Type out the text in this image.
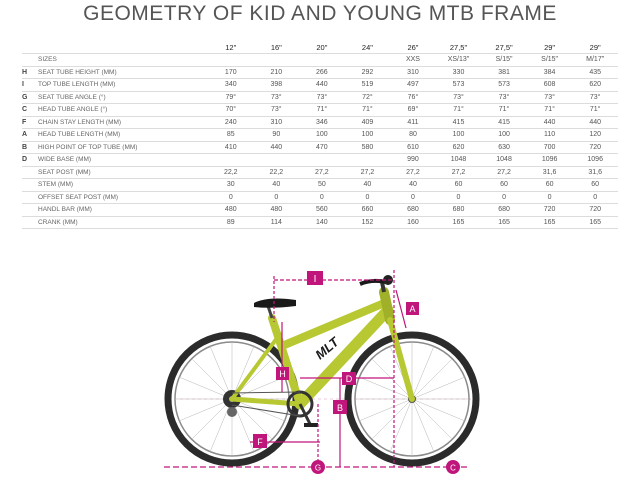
GEOMETRY OF KID AND YOUNG MTB FRAME
		12"	16"	20"	24"	26"	27,5"	27,5"	29"	29"
	SIZES					XXS	XS/13"	S/15"	S/15"	M/17"
H	SEAT TUBE HEIGHT (MM)	170	210	266	292	310	330	381	384	435
I	TOP TUBE LENGTH (MM)	340	398	440	519	497	573	573	608	620
G	SEAT TUBE ANGLE (°)	79°	73°	73°	72°	76°	73°	73°	73°	73°
C	HEAD TUBE ANGLE (°)	70°	73°	71°	71°	69°	71°	71°	71°	71°
F	CHAIN STAY LENGTH (MM)	240	310	346	409	411	415	415	440	440
A	HEAD TUBE LENGTH (MM)	85	90	100	100	80	100	100	110	120
B	HIGH POINT OF TOP TUBE (MM)	410	440	470	580	610	620	630	700	720
D	WIDE BASE (MM)					990	1048	1048	1096	1096
	SEAT POST (MM)	22,2	22,2	27,2	27,2	27,2	27,2	27,2	31,6	31,6
	STEM (MM)	30	40	50	40	40	60	60	60	60
	OFFSET SEAT POST (MM)	0	0	0	0	0	0	0	0	0
	HANDL BAR (MM)	480	480	560	660	680	680	680	720	720
	CRANK (MM)	89	114	140	152	160	165	165	165	165
MLT
I
A
H	D
B
F
G	C
